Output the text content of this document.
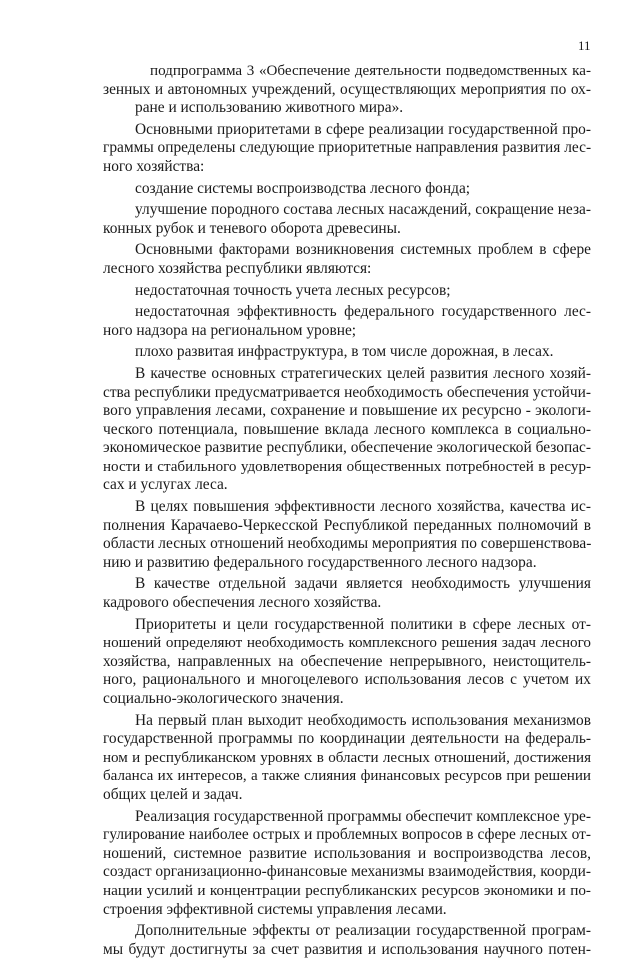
11
подпрограмма 3 «Обеспечение деятельности подведомственных ка-
зенных и автономных учреждений, осуществляющих мероприятия по ох-
ране и использованию животного мира».
Основными приоритетами в сфере реализации государственной про-
граммы определены следующие приоритетные направления развития лес-
ного хозяйства:
создание системы воспроизводства лесного фонда;
улучшение породного состава лесных насаждений, сокращение неза-
конных рубок и теневого оборота древесины.
Основными факторами возникновения системных проблем в сфере
лесного хозяйства республики являются:
недостаточная точность учета лесных ресурсов;
недостаточная эффективность федерального государственного лес-
ного надзора на региональном уровне;
плохо развитая инфраструктура, в том числе дорожная, в лесах.
В качестве основных стратегических целей развития лесного хозяй-
ства республики предусматривается необходимость обеспечения устойчи-
вого управления лесами, сохранение и повышение их ресурсно - экологи-
ческого потенциала, повышение вклада лесного комплекса в социально-
экономическое развитие республики, обеспечение экологической безопас-
ности и стабильного удовлетворения общественных потребностей в ресур-
сах и услугах леса.
В целях повышения эффективности лесного хозяйства, качества ис-
полнения Карачаево-Черкесской Республикой переданных полномочий в
области лесных отношений необходимы мероприятия по совершенствова-
нию и развитию федерального государственного лесного надзора.
В качестве отдельной задачи является необходимость улучшения
кадрового обеспечения лесного хозяйства.
Приоритеты и цели государственной политики в сфере лесных от-
ношений определяют необходимость комплексного решения задач лесного
хозяйства, направленных на обеспечение непрерывного, неистощитель-
ного, рационального и многоцелевого использования лесов с учетом их
социально-экологического значения.
На первый план выходит необходимость использования механизмов
государственной программы по координации деятельности на федераль-
ном и республиканском уровнях в области лесных отношений, достижения
баланса их интересов, а также слияния финансовых ресурсов при решении
общих целей и задач.
Реализация государственной программы обеспечит комплексное уре-
гулирование наиболее острых и проблемных вопросов в сфере лесных от-
ношений, системное развитие использования и воспроизводства лесов,
создаст организационно-финансовые механизмы взаимодействия, коорди-
нации усилий и концентрации республиканских ресурсов экономики и по-
строения эффективной системы управления лесами.
Дополнительные эффекты от реализации государственной програм-
мы будут достигнуты за счет развития и использования научного потен-
